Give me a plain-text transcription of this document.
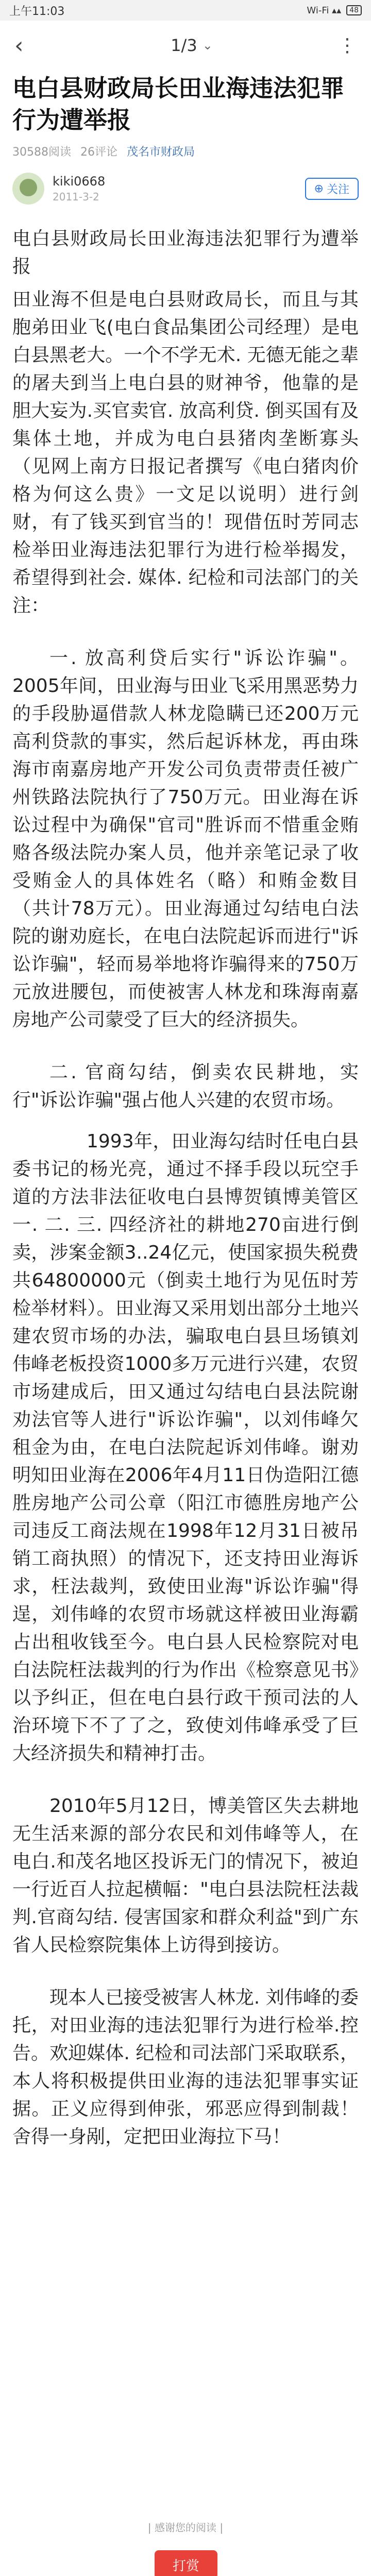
上午11:03	Wi-Fi ▴▴	48
‹	1/3 ⌄	⋮
电白县财政局长田业海违法犯罪行为遭举报
30588阅读 26评论 茂名市财政局
kiki0668
2011-3-2
⊕ 关注

电白县财政局长田业海违法犯罪行为遭举报

田业海不但是电白县财政局长，而且与其胞弟田业飞(电白食品集团公司经理）是电白县黑老大。一个不学无术. 无德无能之辈的屠夫到当上电白县的财神爷，他靠的是胆大妄为.买官卖官. 放高利贷. 倒买国有及集体土地，并成为电白县猪肉垄断寡头（见网上南方日报记者撰写《电白猪肉价格为何这么贵》一文足以说明）进行剑财，有了钱买到官当的！现借伍时芳同志检举田业海违法犯罪行为进行检举揭发，希望得到社会. 媒体. 纪检和司法部门的关注：

一. 放高利贷后实行"诉讼诈骗"。2005年间，田业海与田业飞采用黑恶势力的手段胁逼借款人林龙隐瞒已还200万元高利贷款的事实，然后起诉林龙，再由珠海市南嘉房地产开发公司负责带责任被广州铁路法院执行了750万元。田业海在诉讼过程中为确保"官司"胜诉而不惜重金贿赂各级法院办案人员，他并亲笔记录了收受贿金人的具体姓名（略）和贿金数目（共计78万元）。田业海通过勾结电白法院的谢劝庭长，在电白法院起诉而进行"诉讼诈骗"，轻而易举地将诈骗得来的750万元放进腰包，而使被害人林龙和珠海南嘉房地产公司蒙受了巨大的经济损失。

二. 官商勾结，倒卖农民耕地，实行"诉讼诈骗"强占他人兴建的农贸市场。

1993年，田业海勾结时任电白县委书记的杨光亮，通过不择手段以玩空手道的方法非法征收电白县博贺镇博美管区一. 二. 三. 四经济社的耕地270亩进行倒卖，涉案金额3..24亿元，使国家损失税费共64800000元（倒卖土地行为见伍时芳检举材料）。田业海又采用划出部分土地兴建农贸市场的办法，骗取电白县旦场镇刘伟峰老板投资1000多万元进行兴建，农贸市场建成后，田又通过勾结电白县法院谢劝法官等人进行"诉讼诈骗"，以刘伟峰欠租金为由，在电白法院起诉刘伟峰。谢劝明知田业海在2006年4月11日伪造阳江德胜房地产公司公章（阳江市德胜房地产公司违反工商法规在1998年12月31日被吊销工商执照）的情况下，还支持田业海诉求，枉法裁判，致使田业海"诉讼诈骗"得逞，刘伟峰的农贸市场就这样被田业海霸占出租收钱至今。电白县人民检察院对电白法院枉法裁判的行为作出《检察意见书》以予纠正，但在电白县行政干预司法的人治环境下不了了之，致使刘伟峰承受了巨大经济损失和精神打击。

2010年5月12日，博美管区失去耕地无生活来源的部分农民和刘伟峰等人，在电白.和茂名地区投诉无门的情况下，被迫一行近百人拉起横幅："电白县法院枉法裁判.官商勾结. 侵害国家和群众利益"到广东省人民检察院集体上访得到接访。

现本人已接受被害人林龙. 刘伟峰的委托，对田业海的违法犯罪行为进行检举.控告。欢迎媒体. 纪检和司法部门采取联系，本人将积极提供田业海的违法犯罪事实证据。正义应得到伸张，邪恶应得到制裁！舍得一身剐，定把田业海拉下马！

| 感谢您的阅读 |
打赏
